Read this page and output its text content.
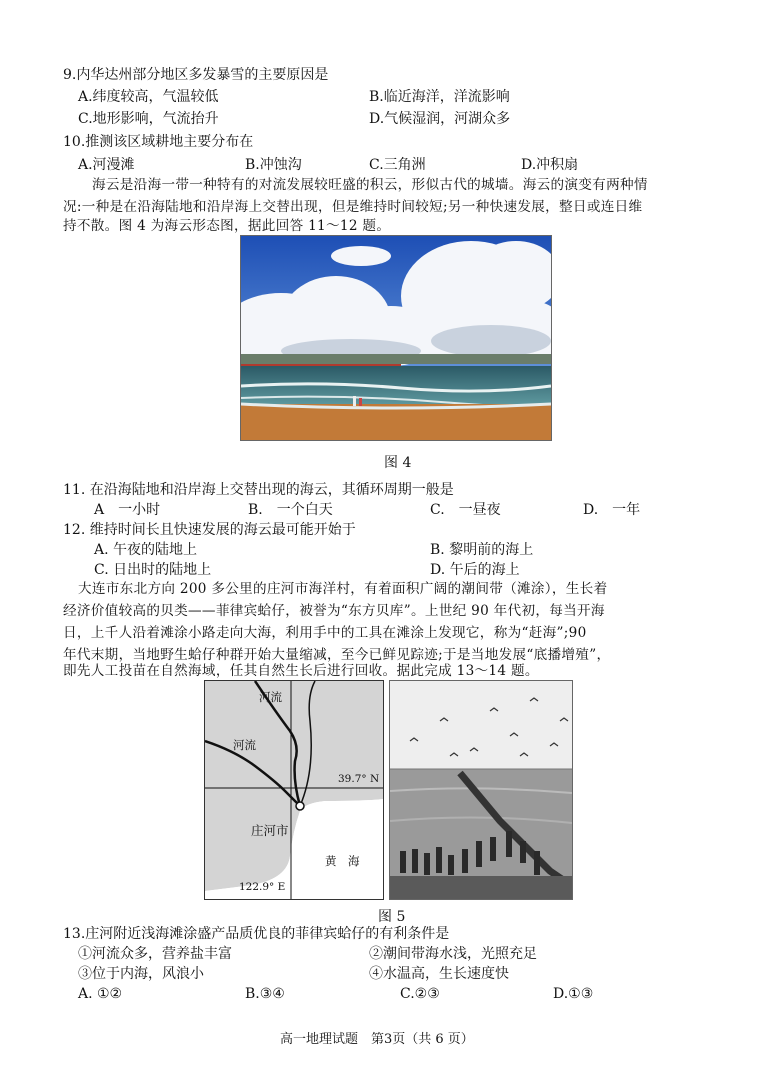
9.内华达州部分地区多发暴雪的主要原因是
A.纬度较高，气温较低	B.临近海洋，洋流影响
C.地形影响，气流抬升	D.气候湿润，河湖众多
10.推测该区域耕地主要分布在
A.河漫滩	B.冲蚀沟	C.三角洲	D.冲积扇
海云是沿海一带一种特有的对流发展较旺盛的积云，形似古代的城墙。海云的演变有两种情
况:一种是在沿海陆地和沿岸海上交替出现，但是维持时间较短;另一种快速发展，整日或连日维
持不散。图 4 为海云形态图，据此回答 11～12 题。
图 4
11. 在沿海陆地和沿岸海上交替出现的海云，其循环周期一般是
A　一小时	B.　一个白天	C.　一昼夜	D.　一年
12. 维持时间长且快速发展的海云最可能开始于
A. 午夜的陆地上	B. 黎明前的海上
C. 日出时的陆地上	D. 午后的海上
大连市东北方向 200 多公里的庄河市海洋村，有着面积广阔的潮间带（滩涂），生长着
经济价值较高的贝类——菲律宾蛤仔，被誉为“东方贝库”。上世纪 90 年代初，每当开海
日，上千人沿着滩涂小路走向大海，利用手中的工具在滩涂上发现它，称为“赶海”;90
年代末期，当地野生蛤仔种群开始大量缩减，至今已鲜见踪迹;于是当地发展“底播增殖”，
即先人工投苗在自然海域，任其自然生长后进行回收。据此完成 13～14 题。
河流
河流
39.7° N
庄河市
黄　海
122.9° E
图 5
13.庄河附近浅海滩涂盛产品质优良的菲律宾蛤仔的有利条件是
①河流众多，营养盐丰富	②潮间带海水浅，光照充足
③位于内海，风浪小	④水温高，生长速度快
A. ①②	B.③④	C.②③	D.①③
高一地理试题　第3页（共 6 页）
